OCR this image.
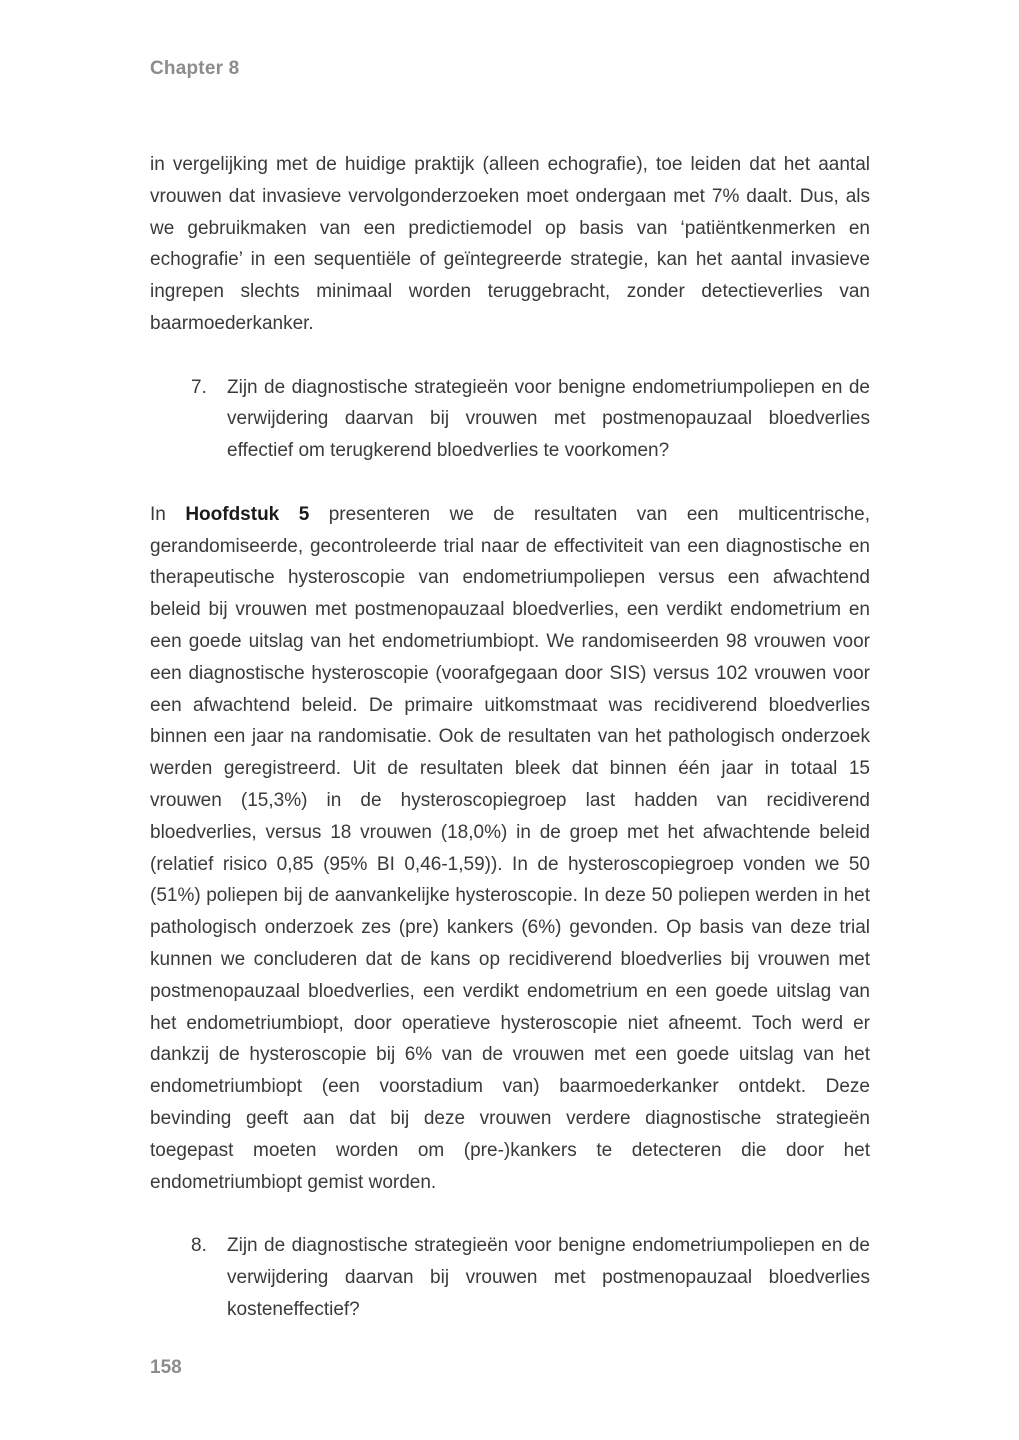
Chapter 8

in vergelijking met de huidige praktijk (alleen echografie), toe leiden dat het aantal vrouwen dat invasieve vervolgonderzoeken moet ondergaan met 7% daalt. Dus, als we gebruikmaken van een predictiemodel op basis van ‘patiëntkenmerken en echografie’ in een sequentiële of geïntegreerde strategie, kan het aantal invasieve ingrepen slechts minimaal worden teruggebracht, zonder detectieverlies van baarmoederkanker.

7. Zijn de diagnostische strategieën voor benigne endometriumpoliepen en de verwijdering daarvan bij vrouwen met postmenopauzaal bloedverlies effectief om terugkerend bloedverlies te voorkomen?

In Hoofdstuk 5 presenteren we de resultaten van een multicentrische, gerandomiseerde, gecontroleerde trial naar de effectiviteit van een diagnostische en therapeutische hysteroscopie van endometriumpoliepen versus een afwachtend beleid bij vrouwen met postmenopauzaal bloedverlies, een verdikt endometrium en een goede uitslag van het endometriumbiopt. We randomiseerden 98 vrouwen voor een diagnostische hysteroscopie (voorafgegaan door SIS) versus 102 vrouwen voor een afwachtend beleid. De primaire uitkomstmaat was recidiverend bloedverlies binnen een jaar na randomisatie. Ook de resultaten van het pathologisch onderzoek werden geregistreerd. Uit de resultaten bleek dat binnen één jaar in totaal 15 vrouwen (15,3%) in de hysteroscopiegroep last hadden van recidiverend bloedverlies, versus 18 vrouwen (18,0%) in de groep met het afwachtende beleid (relatief risico 0,85 (95% BI 0,46-1,59)). In de hysteroscopiegroep vonden we 50 (51%) poliepen bij de aanvankelijke hysteroscopie. In deze 50 poliepen werden in het pathologisch onderzoek zes (pre) kankers (6%) gevonden. Op basis van deze trial kunnen we concluderen dat de kans op recidiverend bloedverlies bij vrouwen met postmenopauzaal bloedverlies, een verdikt endometrium en een goede uitslag van het endometriumbiopt, door operatieve hysteroscopie niet afneemt. Toch werd er dankzij de hysteroscopie bij 6% van de vrouwen met een goede uitslag van het endometriumbiopt (een voorstadium van) baarmoederkanker ontdekt. Deze bevinding geeft aan dat bij deze vrouwen verdere diagnostische strategieën toegepast moeten worden om (pre-)kankers te detecteren die door het endometriumbiopt gemist worden.

8. Zijn de diagnostische strategieën voor benigne endometriumpoliepen en de verwijdering daarvan bij vrouwen met postmenopauzaal bloedverlies kosteneffectief?
158
